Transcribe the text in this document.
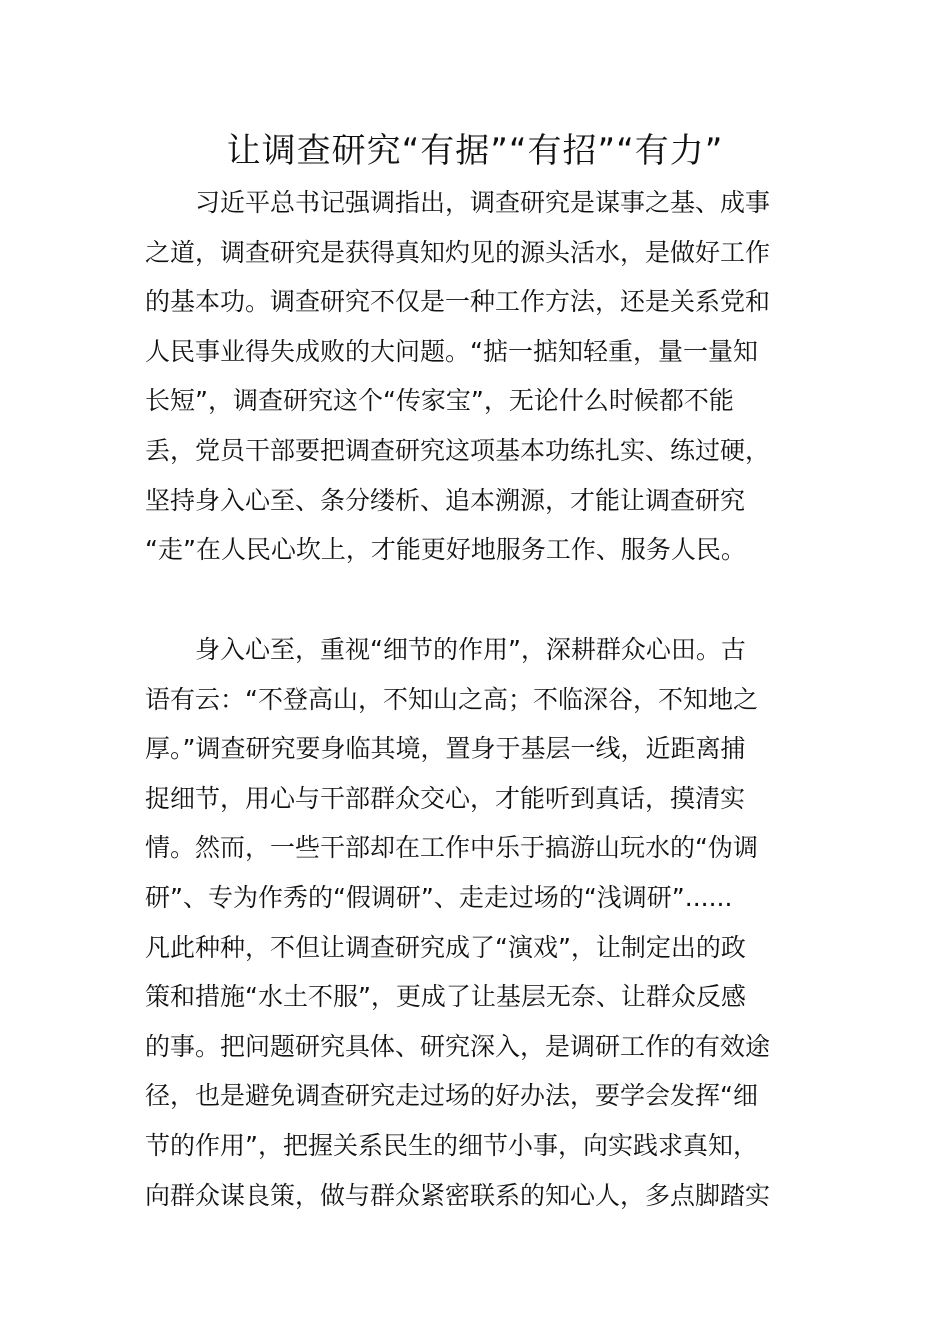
让调查研究“有据”“有招”“有力”
习近平总书记强调指出，调查研究是谋事之基、成事
之道，调查研究是获得真知灼见的源头活水，是做好工作
的基本功。调查研究不仅是一种工作方法，还是关系党和
人民事业得失成败的大问题。“掂一掂知轻重，量一量知
长短”，调查研究这个“传家宝”，无论什么时候都不能
丢，党员干部要把调查研究这项基本功练扎实、练过硬，
坚持身入心至、条分缕析、追本溯源，才能让调查研究
“走”在人民心坎上，才能更好地服务工作、服务人民。
身入心至，重视“细节的作用”，深耕群众心田。古
语有云：“不登高山，不知山之高；不临深谷，不知地之
厚。”调查研究要身临其境，置身于基层一线，近距离捕
捉细节，用心与干部群众交心，才能听到真话，摸清实
情。然而，一些干部却在工作中乐于搞游山玩水的“伪调
研”、专为作秀的“假调研”、走走过场的“浅调研”......
凡此种种，不但让调查研究成了“演戏”，让制定出的政
策和措施“水土不服”，更成了让基层无奈、让群众反感
的事。把问题研究具体、研究深入，是调研工作的有效途
径，也是避免调查研究走过场的好办法，要学会发挥“细
节的作用”，把握关系民生的细节小事，向实践求真知，
向群众谋良策，做与群众紧密联系的知心人，多点脚踏实
